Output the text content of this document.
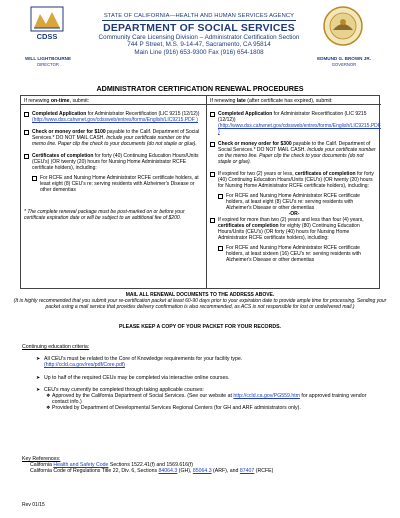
CDSS
WILL LIGHTBOURNE
DIRECTOR
STATE OF CALIFORNIA—HEALTH AND HUMAN SERVICES AGENCY
DEPARTMENT OF SOCIAL SERVICES
Community Care Licensing Division – Administrator Certification Section
744 P Street, M.S. 9-14-47, Sacramento, CA 95814
Main Line (916) 653-9300 Fax (916) 654-1808
EDMUND G. BROWN JR.
GOVERNOR
ADMINISTRATOR CERTIFICATION RENEWAL PROCEDURES
If renewing on-time, submit:
Completed Application for Administrator Recertification (LIC 9215 (12/12)) (http://www.dss.cahwnet.gov/cdssweb/entres/forms/English/LIC9215.PDF )
Check or money order for $100 payable to the Calif. Department of Social Services.* DO NOT MAIL CASH. Include your certificate number on the memo line. Paper clip the check to your documents (do not staple or glue).
Certificates of completion for forty (40) Continuing Education Hours/Units (CEU's) (OR twenty (20) hours for Nursing Home Administrator RCFE certificate holders), including:
For RCFE and Nursing Home Administrator RCFE certificate holders, at least eight (8) CEU's re: serving residents with Alzheimer's Disease or other dementias
* The complete renewal package must be post-marked on or before your certificate expiration date or will be subject to an additional fee of $200.
If renewing late (after certificate has expired), submit:
Completed Application for Administrator Recertification (LIC 9215 (12/12)) (http://www.dss.cahwnet.gov/cdssweb/entres/forms/English/LIC9215.PDF )
Check or money order for $300 payable to the Calif. Department of Social Services.* DO NOT MAIL CASH. Include your certificate number on the memo line. Paper clip the check to your documents (do not staple or glue).
If expired for two (2) years or less, certificates of completion for forty (40) Continuing Education Hours/Units (CEU's) (OR twenty (20) hours for Nursing Home Administrator RCFE certificate holders), including:
For RCFE and Nursing Home Administrator RCFE certificate holders, at least eight (8) CEU's re: serving residents with Alzheimer's Disease or other dementias
-OR-
If expired for more than two (2) years and less than four (4) years, certificates of completion for eighty (80) Continuing Education Hours/Units (CEU's) (OR forty (40) hours for Nursing Home Administrator RCFE certificate holders), including:
For RCFE and Nursing Home Administrator RCFE certificate holders, at least sixteen (16) CEU's re: serving residents with Alzheimer's Disease or other dementias
MAIL ALL RENEWAL DOCUMENTS TO THE ADDRESS ABOVE.
(It is highly recommended that you submit your re-certification packet at least 60-90 days prior to your expiration date to provide ample time for processing. Sending your packet using a mail service that provides delivery confirmation is also recommended, as ACS is not responsible for lost or undelivered mail.)
PLEASE KEEP A COPY OF YOUR PACKET FOR YOUR RECORDS.
Continuing education criteria:
➤ All CEU's must be related to the Core of Knowledge requirements for your facility type.
(http://ccld.ca.gov/res/pdf/Core.pdf)
➤ Up to half of the required CEUs may be completed via interactive online courses.
➤ CEU's may currently be completed through taking applicable courses:
❖ Approved by the California Department of Social Services. (See our website at http://ccld.ca.gov/PG559.htm for approved training vendor contact info.)
❖ Provided by Department of Developmental Services Regional Centers (for GH and ARF administrators only).
Key References:
California Health and Safety Code Sections 1522.41(f) and 1569.616(f)
California Code of Regulations Title 22, Div. 6, Sections 84064.3 (GH), 85064.3 (ARF), and 87407 (RCFE)
Rev 01/15
